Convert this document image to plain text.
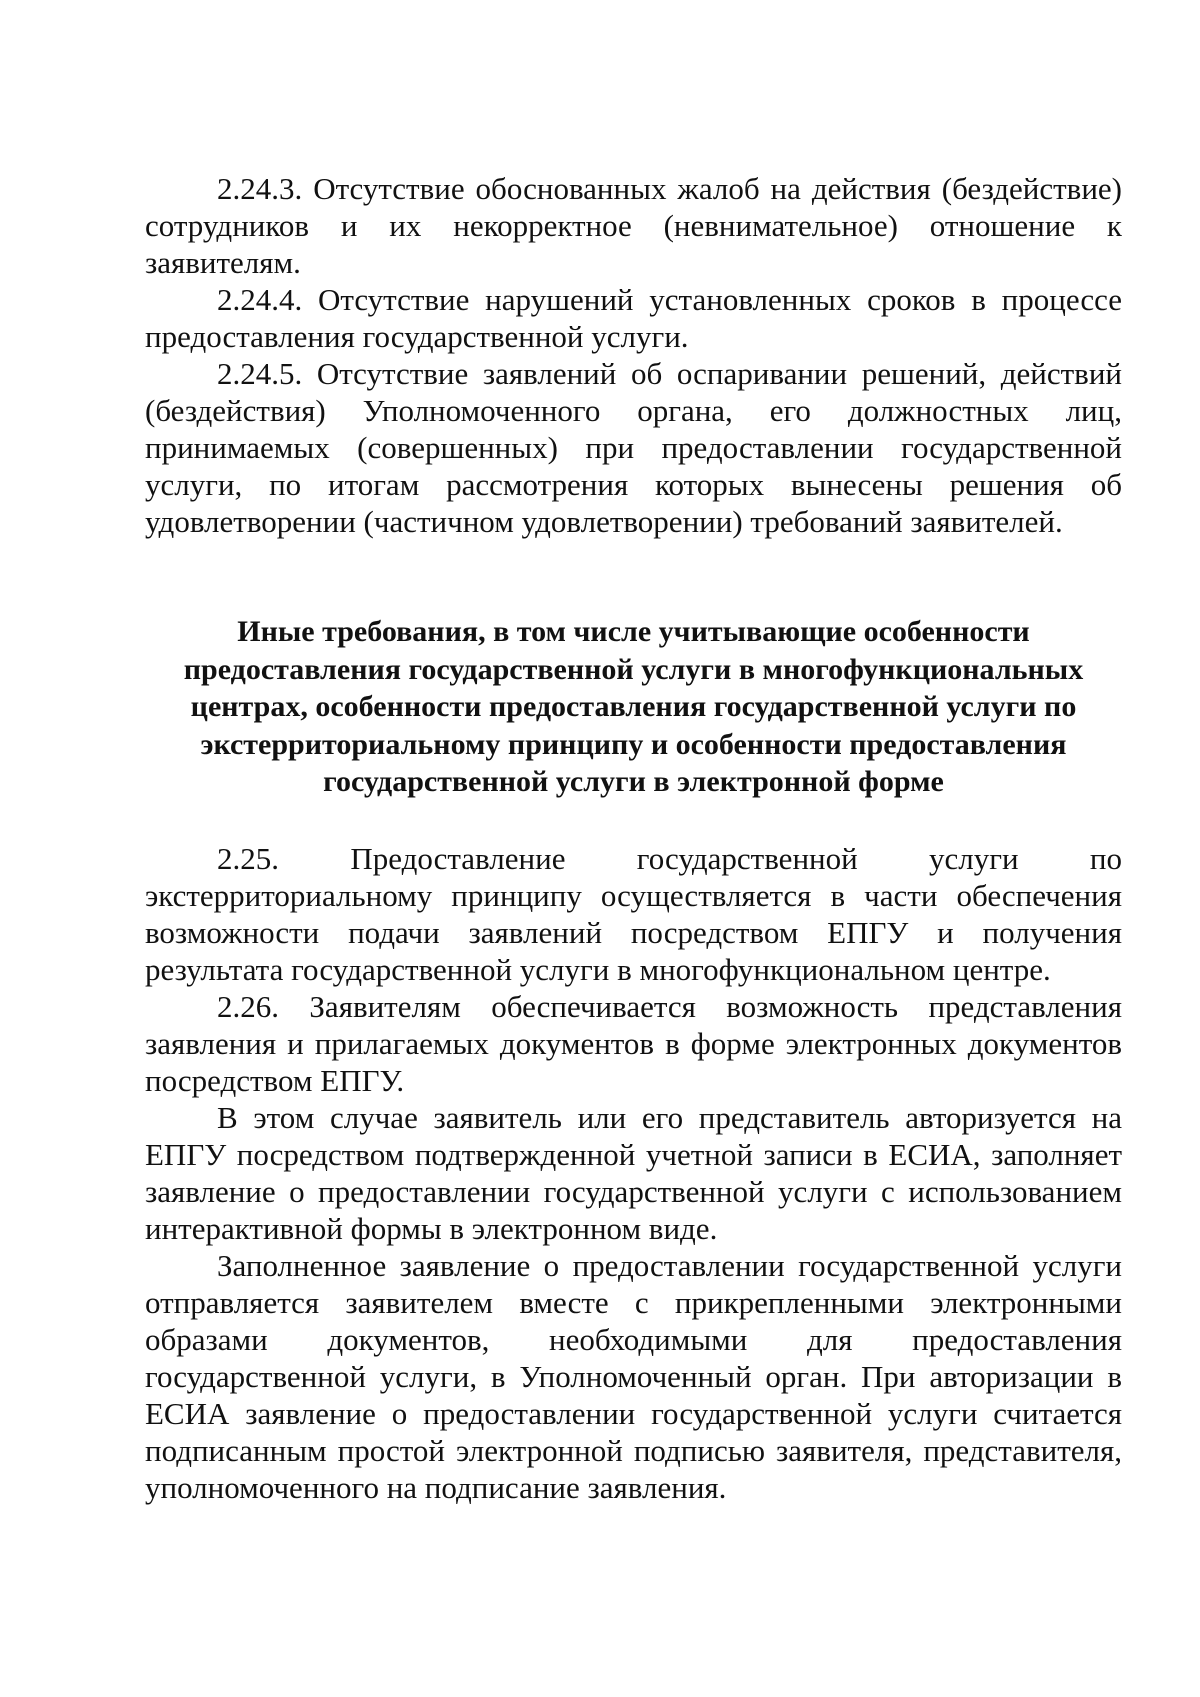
2.24.3. Отсутствие обоснованных жалоб на действия (бездействие) сотрудников и их некорректное (невнимательное) отношение к заявителям.

2.24.4. Отсутствие нарушений установленных сроков в процессе предоставления государственной услуги.

2.24.5. Отсутствие заявлений об оспаривании решений, действий (бездействия) Уполномоченного органа, его должностных лиц, принимаемых (совершенных) при предоставлении государственной услуги, по итогам рассмотрения которых вынесены решения об удовлетворении (частичном удовлетворении) требований заявителей.

Иные требования, в том числе учитывающие особенности предоставления государственной услуги в многофункциональных центрах, особенности предоставления государственной услуги по экстерриториальному принципу и особенности предоставления государственной услуги в электронной форме

2.25. Предоставление государственной услуги по экстерриториальному принципу осуществляется в части обеспечения возможности подачи заявлений посредством ЕПГУ и получения результата государственной услуги в многофункциональном центре.

2.26. Заявителям обеспечивается возможность представления заявления и прилагаемых документов в форме электронных документов посредством ЕПГУ.

В этом случае заявитель или его представитель авторизуется на ЕПГУ посредством подтвержденной учетной записи в ЕСИА, заполняет заявление о предоставлении государственной услуги с использованием интерактивной формы в электронном виде.

Заполненное заявление о предоставлении государственной услуги отправляется заявителем вместе с прикрепленными электронными образами документов, необходимыми для предоставления государственной услуги, в Уполномоченный орган. При авторизации в ЕСИА заявление о предоставлении государственной услуги считается подписанным простой электронной подписью заявителя, представителя, уполномоченного на подписание заявления.
